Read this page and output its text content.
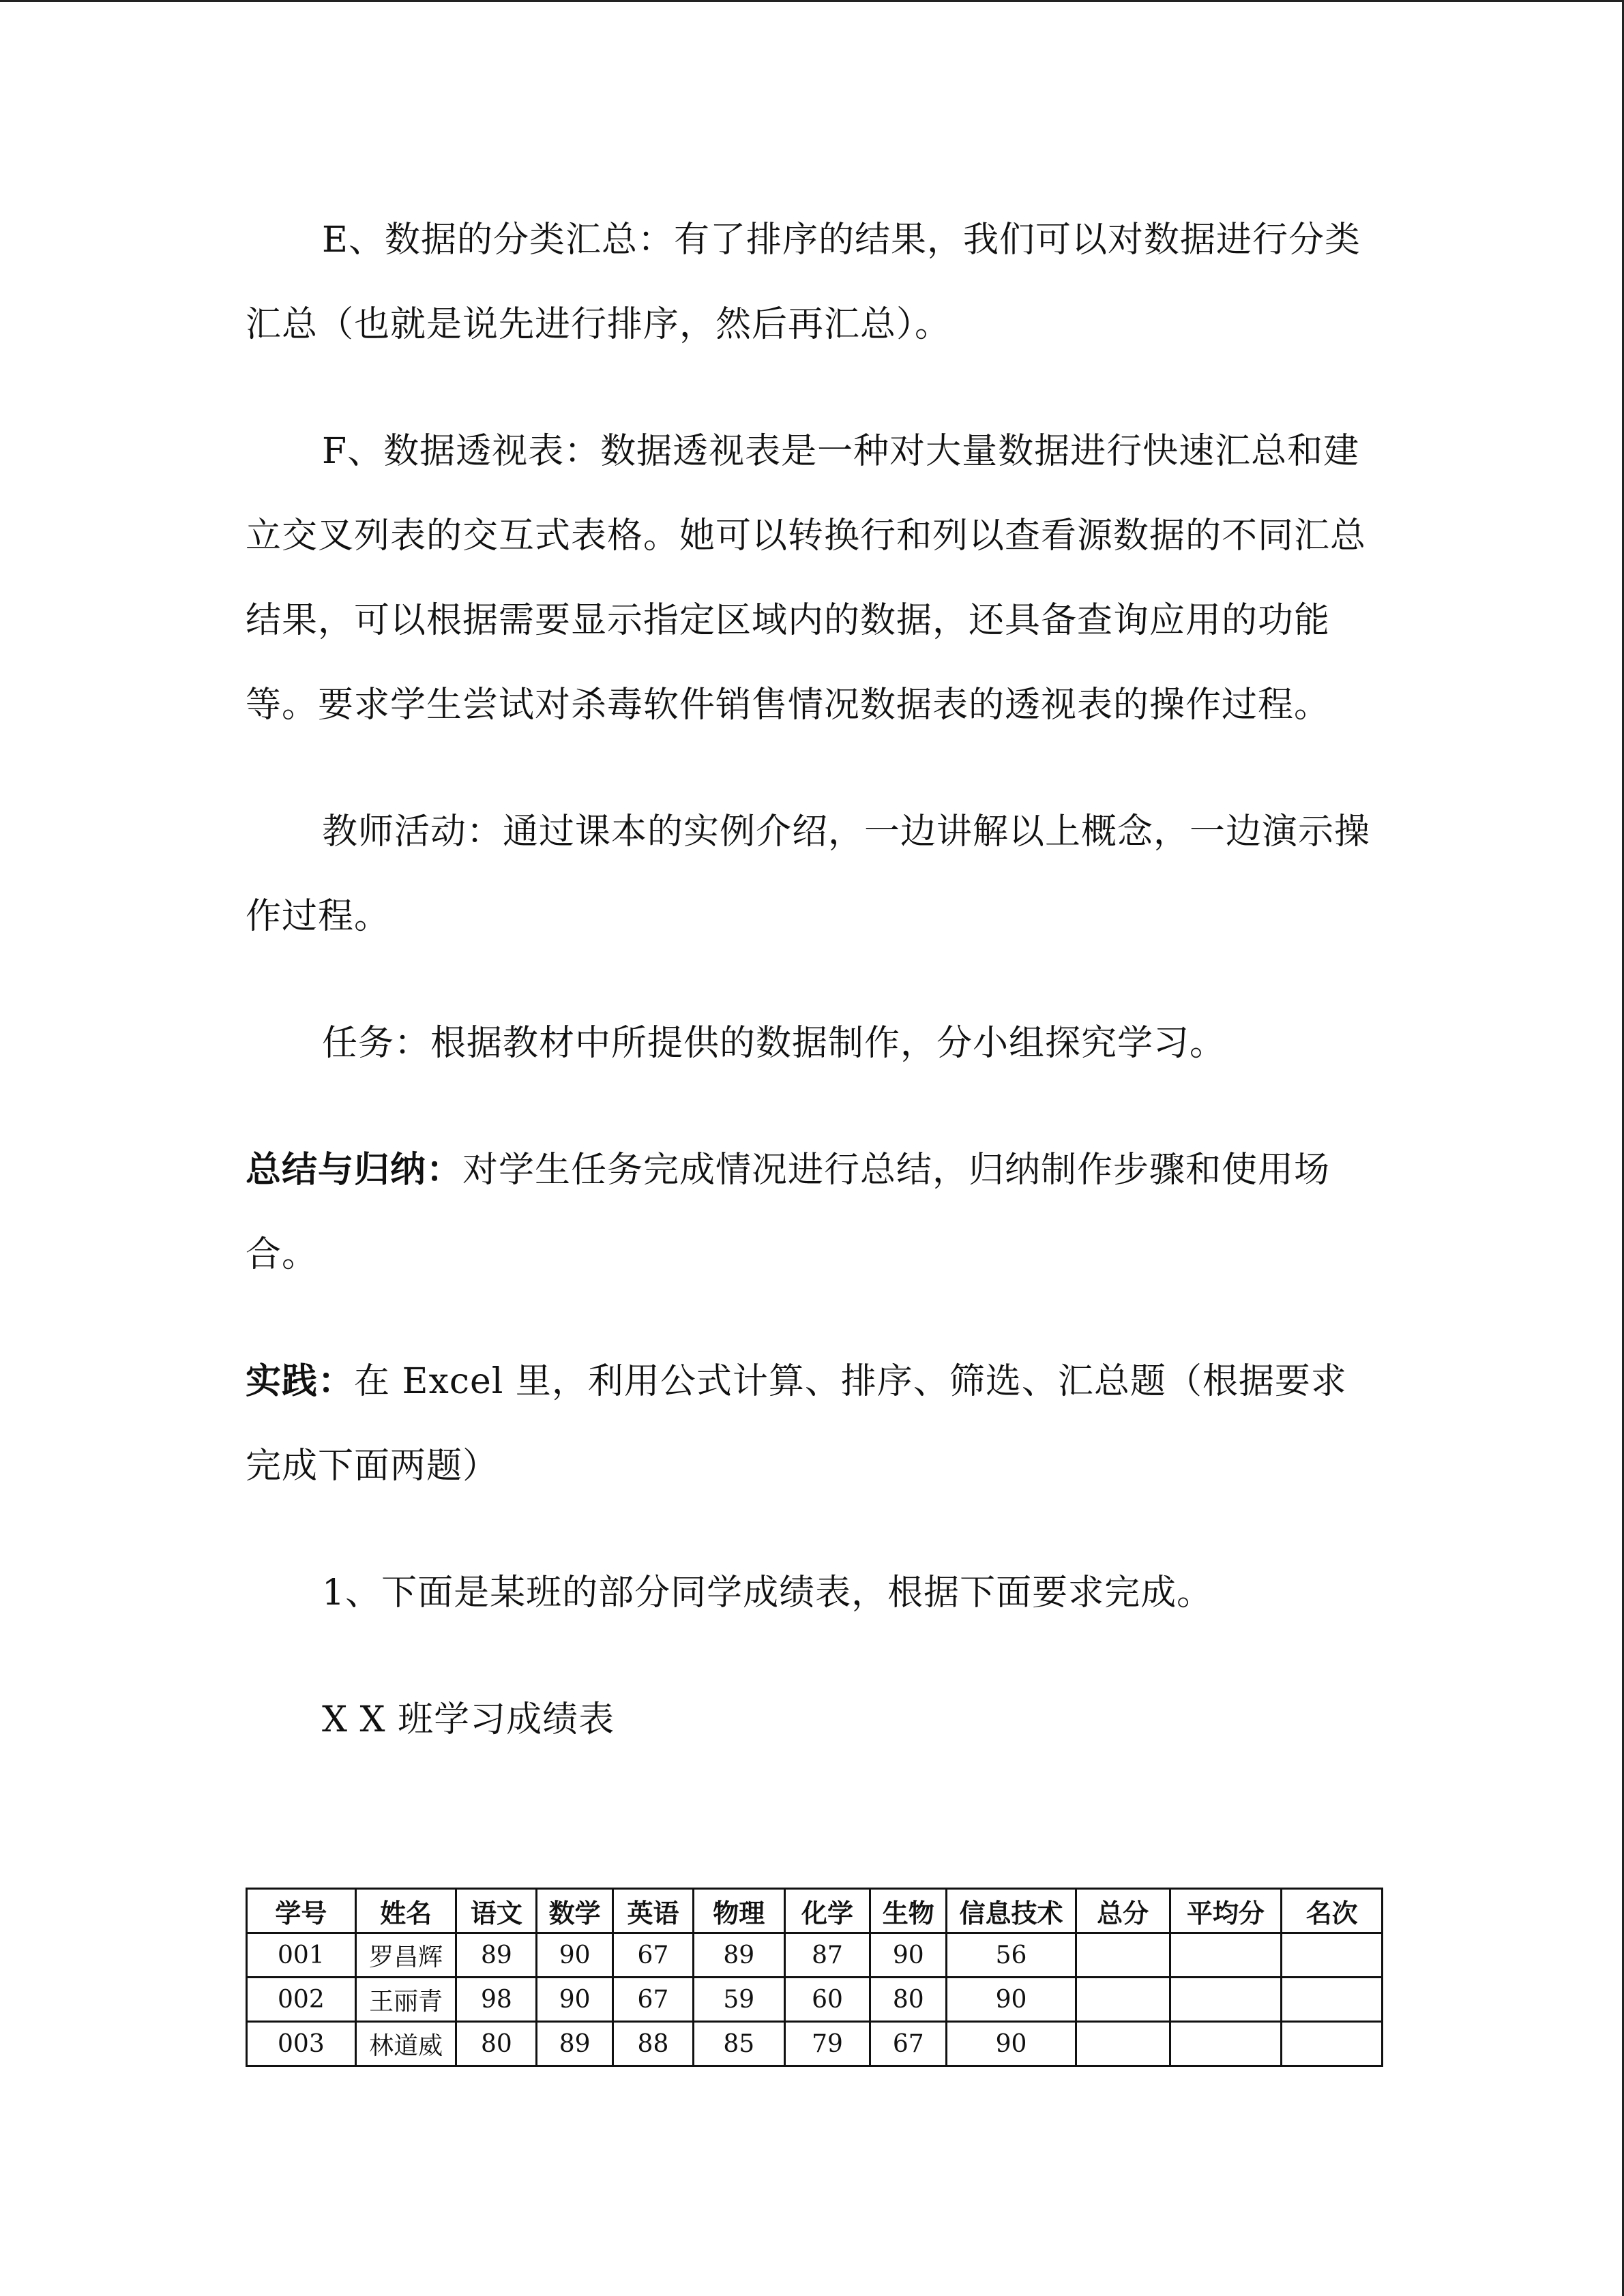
E、数据的分类汇总：有了排序的结果，我们可以对数据进行分类汇总（也就是说先进行排序，然后再汇总）。

F、数据透视表：数据透视表是一种对大量数据进行快速汇总和建立交叉列表的交互式表格。她可以转换行和列以查看源数据的不同汇总结果，可以根据需要显示指定区域内的数据，还具备查询应用的功能等。要求学生尝试对杀毒软件销售情况数据表的透视表的操作过程。

教师活动：通过课本的实例介绍，一边讲解以上概念，一边演示操作过程。

任务：根据教材中所提供的数据制作，分小组探究学习。

总结与归纳：对学生任务完成情况进行总结，归纳制作步骤和使用场合。

实践：在 Excel 里，利用公式计算、排序、筛选、汇总题（根据要求完成下面两题）

1、下面是某班的部分同学成绩表，根据下面要求完成。

X X 班学习成绩表

学号	姓名	语文	数学	英语	物理	化学	生物	信息技术	总分	平均分	名次
001	罗昌辉	89	90	67	89	87	90	56			
002	王丽青	98	90	67	59	60	80	90			
003	林道威	80	89	88	85	79	67	90			
